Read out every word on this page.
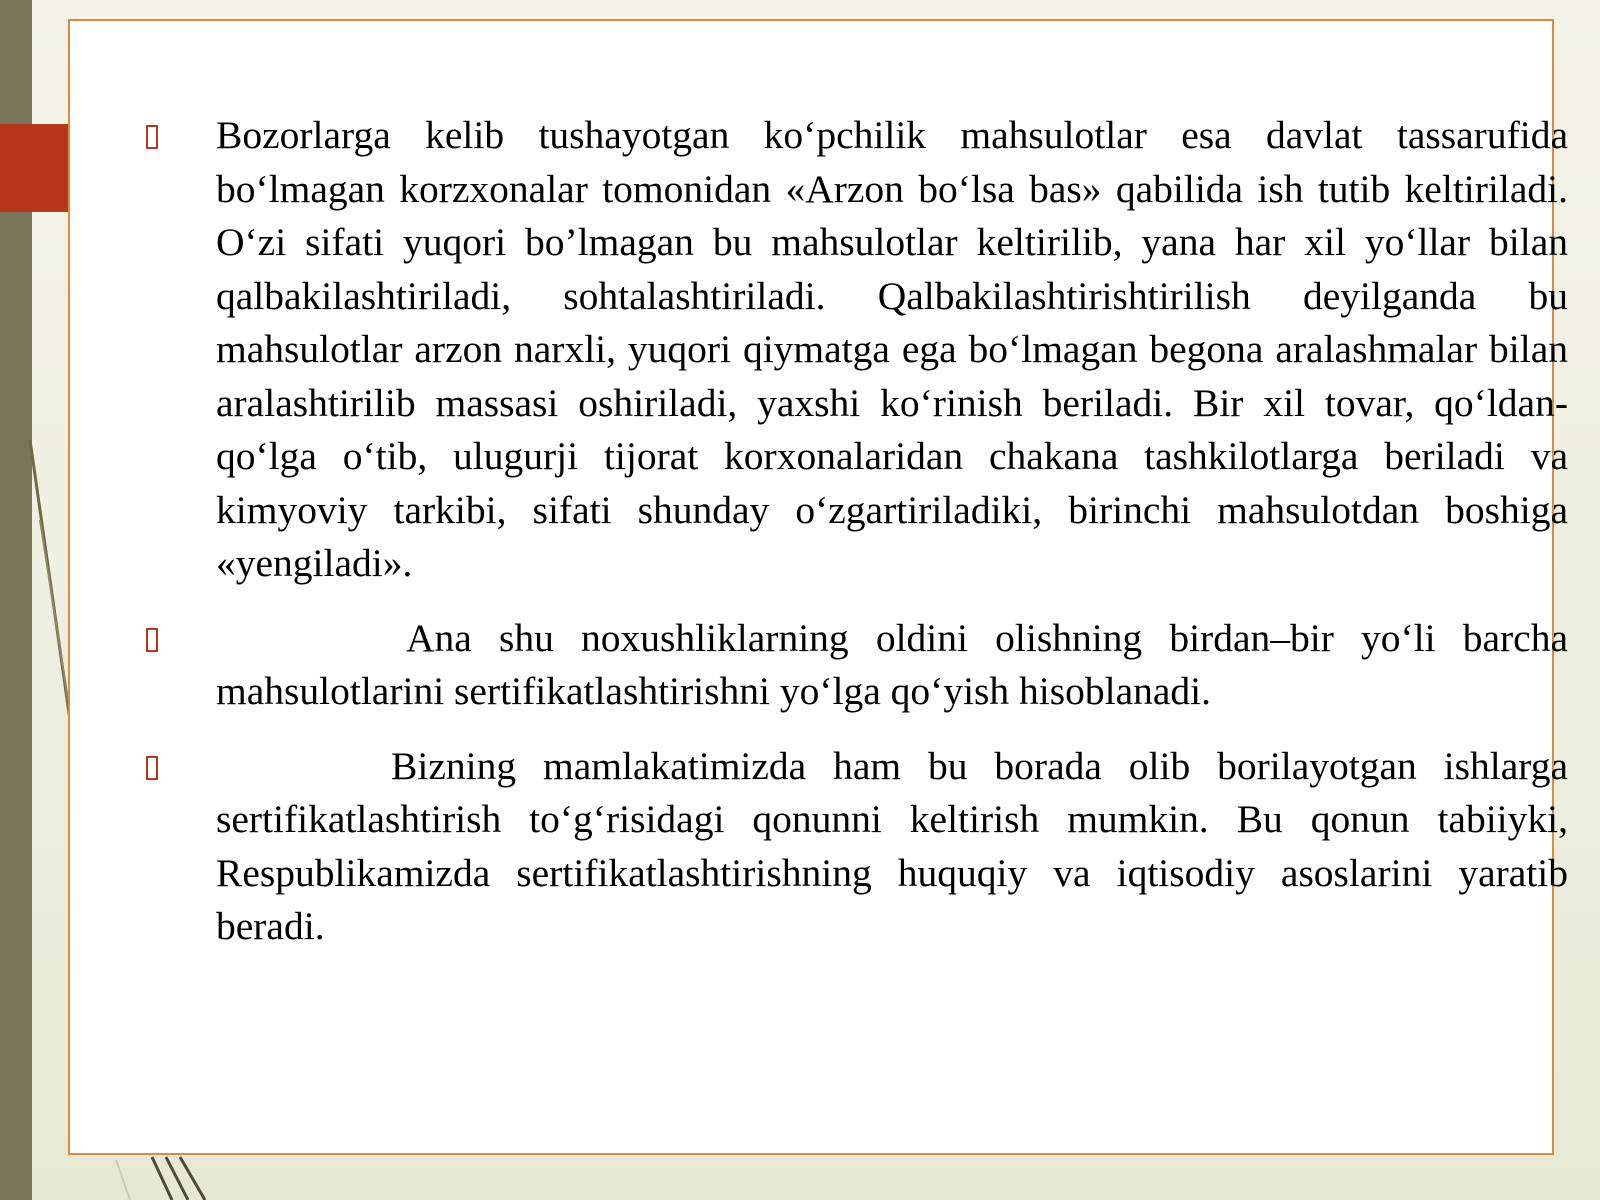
Bozorlarga kelib tushayotgan ko‘pchilik mahsulotlar esa davlat tassarufida bo‘lmagan korzxonalar tomonidan «Arzon bo‘lsa bas» qabilida ish tutib keltiriladi. O‘zi sifati yuqori bo’lmagan bu mahsulotlar keltirilib, yana har xil yo‘llar bilan qalbakilashtiriladi, sohtalashtiriladi. Qalbakilashtirishtirilish deyilganda bu mahsulotlar arzon narxli, yuqori qiymatga ega bo‘lmagan begona aralashmalar bilan aralashtirilib massasi oshiriladi, yaxshi ko‘rinish beriladi. Bir xil tovar, qo‘ldan-qo‘lga o‘tib, ulugurji tijorat korxonalaridan chakana tashkilotlarga beriladi va kimyoviy tarkibi, sifati shunday o‘zgartiriladiki, birinchi mahsulotdan boshiga «yengiladi».

Ana shu noxushliklarning oldini olishning birdan–bir yo‘li barcha mahsulotlarini sertifikatlashtirishni yo‘lga qo‘yish hisoblanadi.

Bizning mamlakatimizda ham bu borada olib borilayotgan ishlarga sertifikatlashtirish to‘g‘risidagi qonunni keltirish mumkin. Bu qonun tabiiyki, Respublikamizda sertifikatlashtirishning huquqiy va iqtisodiy asoslarini yaratib beradi.
